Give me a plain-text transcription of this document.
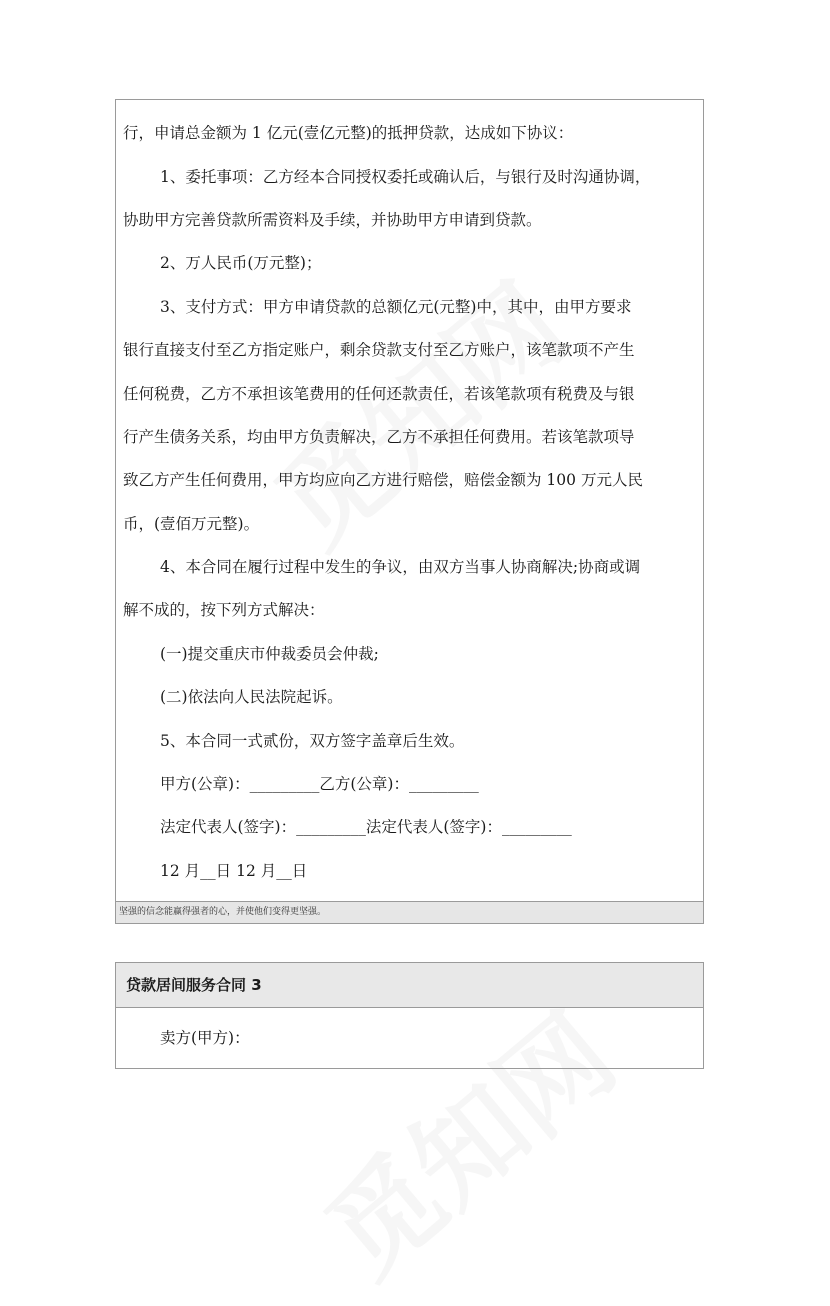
行，申请总金额为 1 亿元(壹亿元整)的抵押贷款，达成如下协议：
1、委托事项：乙方经本合同授权委托或确认后，与银行及时沟通协调，
协助甲方完善贷款所需资料及手续，并协助甲方申请到贷款。
2、万人民币(万元整)；
3、支付方式：甲方申请贷款的总额亿元(元整)中，其中，由甲方要求
银行直接支付至乙方指定账户，剩余贷款支付至乙方账户，该笔款项不产生
任何税费，乙方不承担该笔费用的任何还款责任，若该笔款项有税费及与银
行产生债务关系，均由甲方负责解决，乙方不承担任何费用。若该笔款项导
致乙方产生任何费用，甲方均应向乙方进行赔偿，赔偿金额为 100 万元人民
币，(壹佰万元整)。
4、本合同在履行过程中发生的争议，由双方当事人协商解决;协商或调
解不成的，按下列方式解决：
(一)提交重庆市仲裁委员会仲裁;
(二)依法向人民法院起诉。
5、本合同一式贰份，双方签字盖章后生效。
甲方(公章)：_________乙方(公章)：_________
法定代表人(签字)：_________法定代表人(签字)：_________
12 月__日 12 月__日
坚强的信念能赢得强者的心，并使他们变得更坚强。
贷款居间服务合同 3
卖方(甲方)：
